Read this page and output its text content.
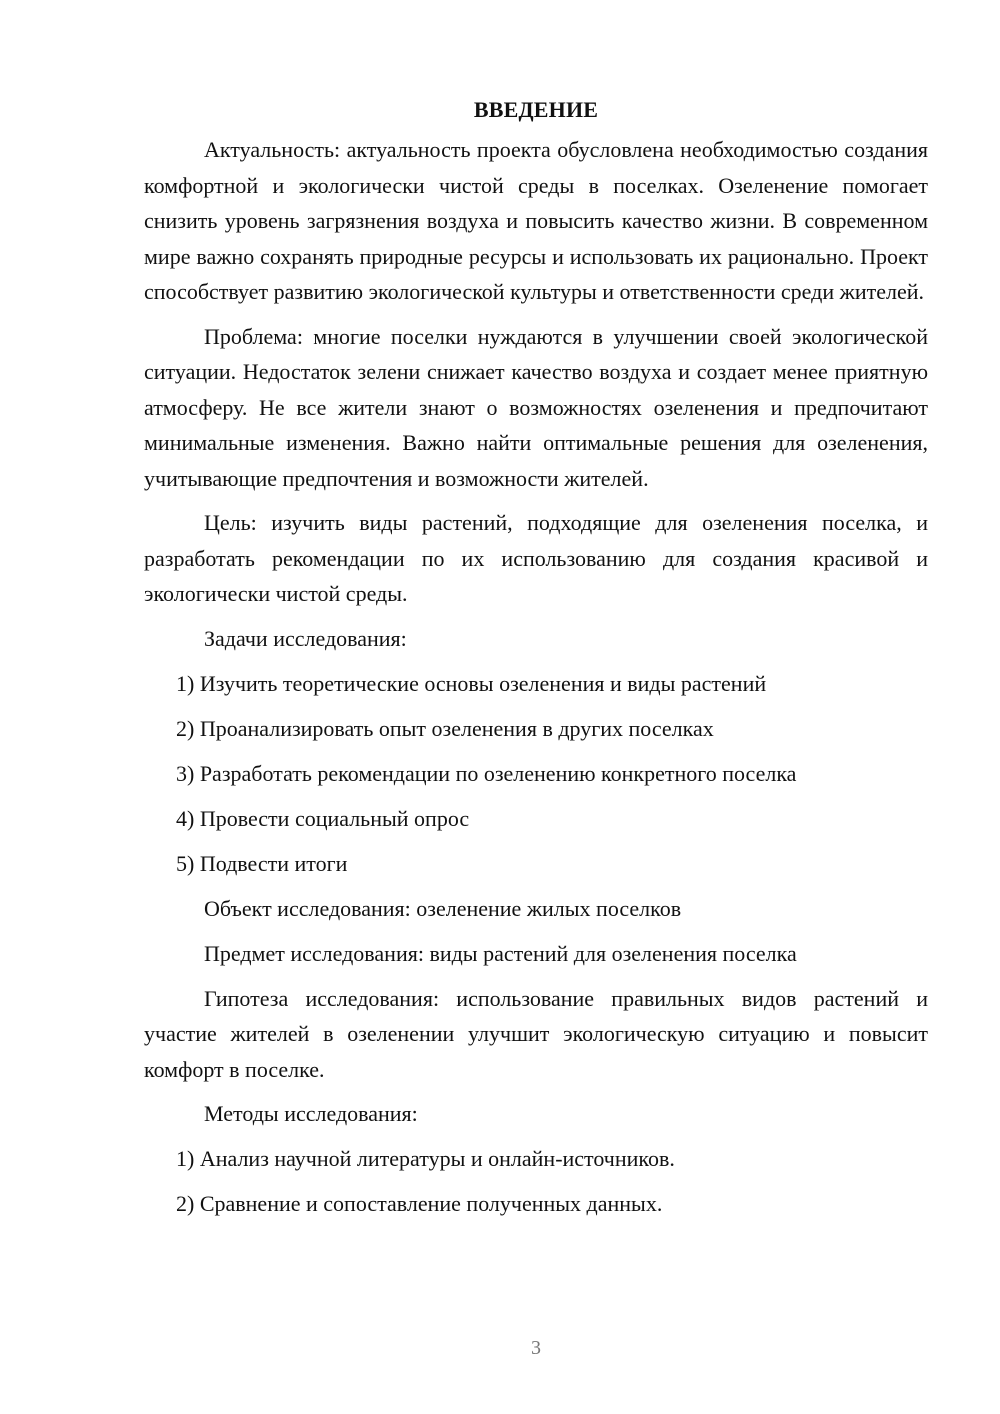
ВВЕДЕНИЕ

Актуальность: актуальность проекта обусловлена необходимостью создания комфортной и экологически чистой среды в поселках. Озеленение помогает снизить уровень загрязнения воздуха и повысить качество жизни. В современном мире важно сохранять природные ресурсы и использовать их рационально. Проект способствует развитию экологической культуры и ответственности среди жителей.

Проблема: многие поселки нуждаются в улучшении своей экологической ситуации. Недостаток зелени снижает качество воздуха и создает менее приятную атмосферу. Не все жители знают о возможностях озеленения и предпочитают минимальные изменения. Важно найти оптимальные решения для озеленения, учитывающие предпочтения и возможности жителей.

Цель: изучить виды растений, подходящие для озеленения поселка, и разработать рекомендации по их использованию для создания красивой и экологически чистой среды.

Задачи исследования:
1) Изучить теоретические основы озеленения и виды растений
2) Проанализировать опыт озеленения в других поселках
3) Разработать рекомендации по озеленению конкретного поселка
4) Провести социальный опрос
5) Подвести итоги
Объект исследования: озеленение жилых поселков
Предмет исследования: виды растений для озеленения поселка

Гипотеза исследования: использование правильных видов растений и участие жителей в озеленении улучшит экологическую ситуацию и повысит комфорт в поселке.

Методы исследования:
1) Анализ научной литературы и онлайн-источников.
2) Сравнение и сопоставление полученных данных.
3
